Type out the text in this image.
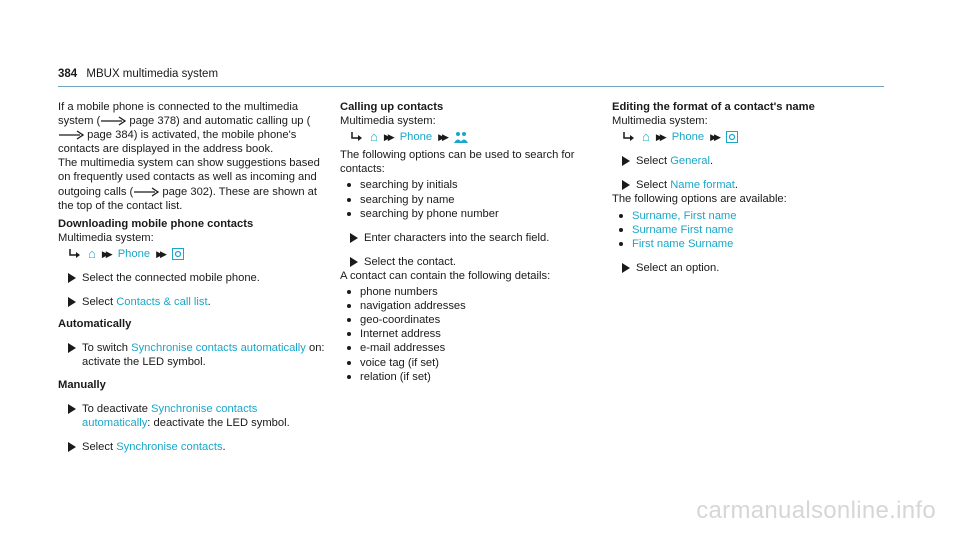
384 MBUX multimedia system

If a mobile phone is connected to the multimedia system ( page 378) and automatic calling up ( page 384) is activated, the mobile phone's contacts are displayed in the address book.

The multimedia system can show suggestions based on frequently used contacts as well as incoming and outgoing calls ( page 302). These are shown at the top of the contact list.

Downloading mobile phone contacts

Multimedia system:

⌂ ▶▶ Phone ▶▶
Select the connected mobile phone.
Select Contacts & call list.

Automatically

To switch Synchronise contacts automatically on: activate the LED symbol.

Manually

To deactivate Synchronise contacts automatically: deactivate the LED symbol.
Select Synchronise contacts.

Calling up contacts

Multimedia system:

⌂ ▶▶ Phone ▶▶

The following options can be used to search for contacts:

searching by initials
searching by name
searching by phone number
Enter characters into the search field.
Select the contact.

A contact can contain the following details:

phone numbers
navigation addresses
geo-coordinates
Internet address
e-mail addresses
voice tag (if set)
relation (if set)

Editing the format of a contact's name

Multimedia system:

⌂ ▶▶ Phone ▶▶
Select General.
Select Name format.

The following options are available:

Surname, First name
Surname First name
First name Surname
Select an option.
carmanualsonline.info
